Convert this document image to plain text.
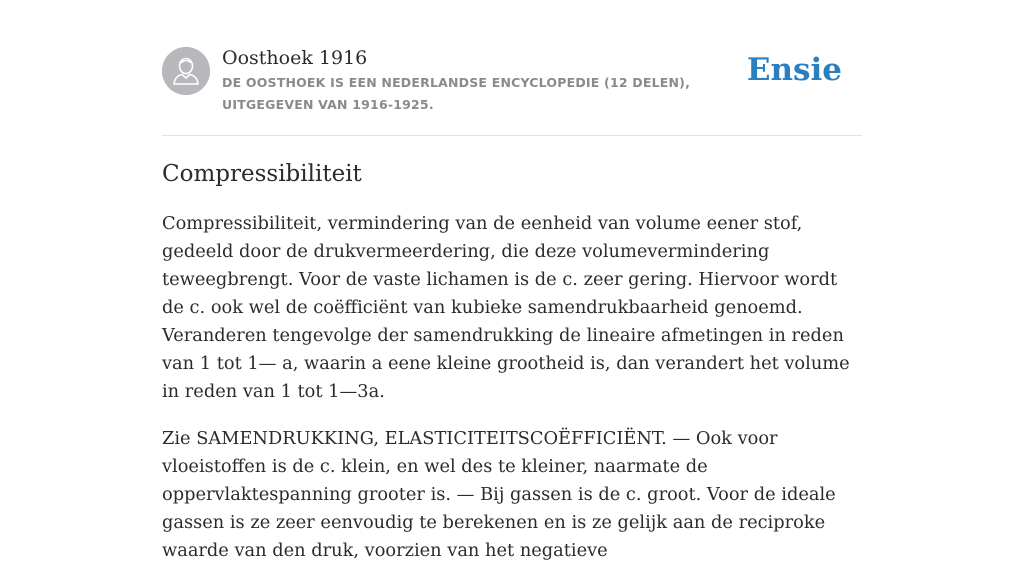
Oosthoek 1916
DE OOSTHOEK IS EEN NEDERLANDSE ENCYCLOPEDIE (12 DELEN), UITGEGEVEN VAN 1916-1925.
Ensie
Compressibiliteit

Compressibiliteit, vermindering van de eenheid van volume eener stof, gedeeld door de drukvermeerdering, die deze volumevermindering teweegbrengt. Voor de vaste lichamen is de c. zeer gering. Hiervoor wordt de c. ook wel de coëfficiënt van kubieke samendrukbaarheid genoemd. Veranderen tengevolge der samendrukking de lineaire afmetingen in reden van 1 tot 1— a, waarin a eene kleine grootheid is, dan verandert het volume in reden van 1 tot 1—3a.

Zie SAMENDRUKKING, ELASTICITEITSCOËFFICIËNT. — Ook voor vloeistoffen is de c. klein, en wel des te kleiner, naarmate de oppervlaktespanning grooter is. — Bij gassen is de c. groot. Voor de ideale gassen is ze zeer eenvoudig te berekenen en is ze gelijk aan de reciproke waarde van den druk, voorzien van het negatieve
